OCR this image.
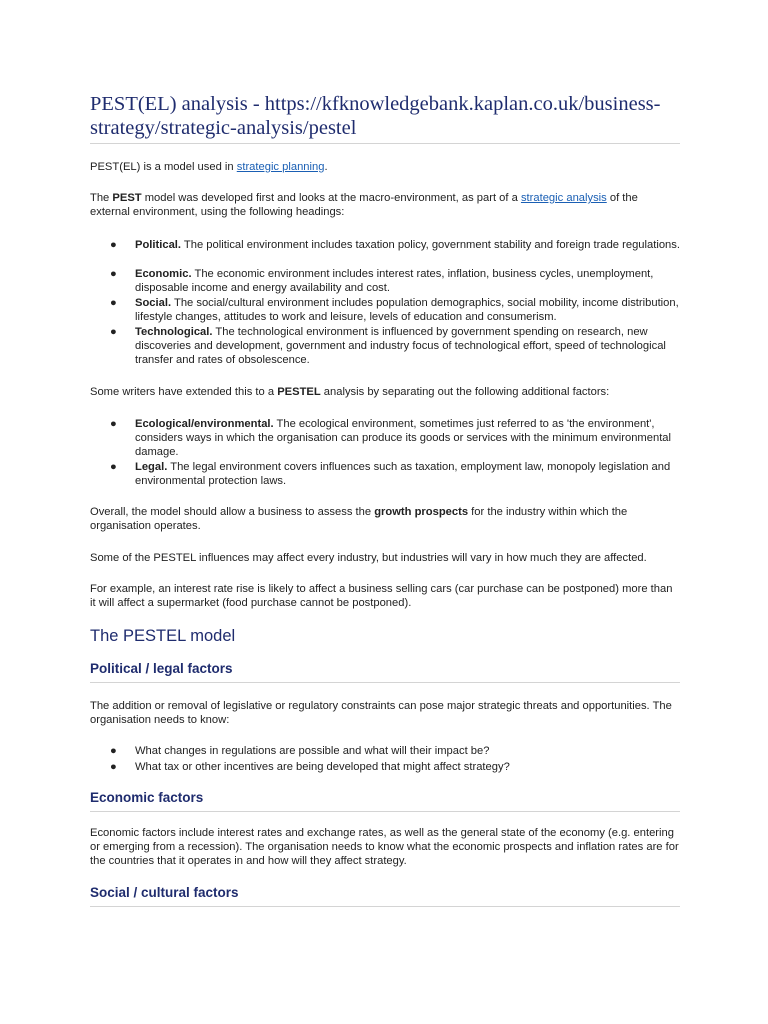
PEST(EL) analysis - https://kfknowledgebank.kaplan.co.uk/business-strategy/strategic-analysis/pestel

PEST(EL) is a model used in strategic planning.

The PEST model was developed first and looks at the macro-environment, as part of a strategic analysis of the external environment, using the following headings:

●	Political. The political environment includes taxation policy, government stability and foreign trade regulations.
●	Economic. The economic environment includes interest rates, inflation, business cycles, unemployment, disposable income and energy availability and cost.
●	Social. The social/cultural environment includes population demographics, social mobility, income distribution, lifestyle changes, attitudes to work and leisure, levels of education and consumerism.
●	Technological. The technological environment is influenced by government spending on research, new discoveries and development, government and industry focus of technological effort, speed of technological transfer and rates of obsolescence.

Some writers have extended this to a PESTEL analysis by separating out the following additional factors:

●	Ecological/environmental. The ecological environment, sometimes just referred to as 'the environment', considers ways in which the organisation can produce its goods or services with the minimum environmental damage.
●	Legal. The legal environment covers influences such as taxation, employment law, monopoly legislation and environmental protection laws.

Overall, the model should allow a business to assess the growth prospects for the industry within which the organisation operates.

Some of the PESTEL influences may affect every industry, but industries will vary in how much they are affected.

For example, an interest rate rise is likely to affect a business selling cars (car purchase can be postponed) more than it will affect a supermarket (food purchase cannot be postponed).

The PESTEL model
Political / legal factors

The addition or removal of legislative or regulatory constraints can pose major strategic threats and opportunities. The organisation needs to know:

●	What changes in regulations are possible and what will their impact be?
●	What tax or other incentives are being developed that might affect strategy?
Economic factors

Economic factors include interest rates and exchange rates, as well as the general state of the economy (e.g. entering or emerging from a recession). The organisation needs to know what the economic prospects and inflation rates are for the countries that it operates in and how will they affect strategy.

Social / cultural factors
